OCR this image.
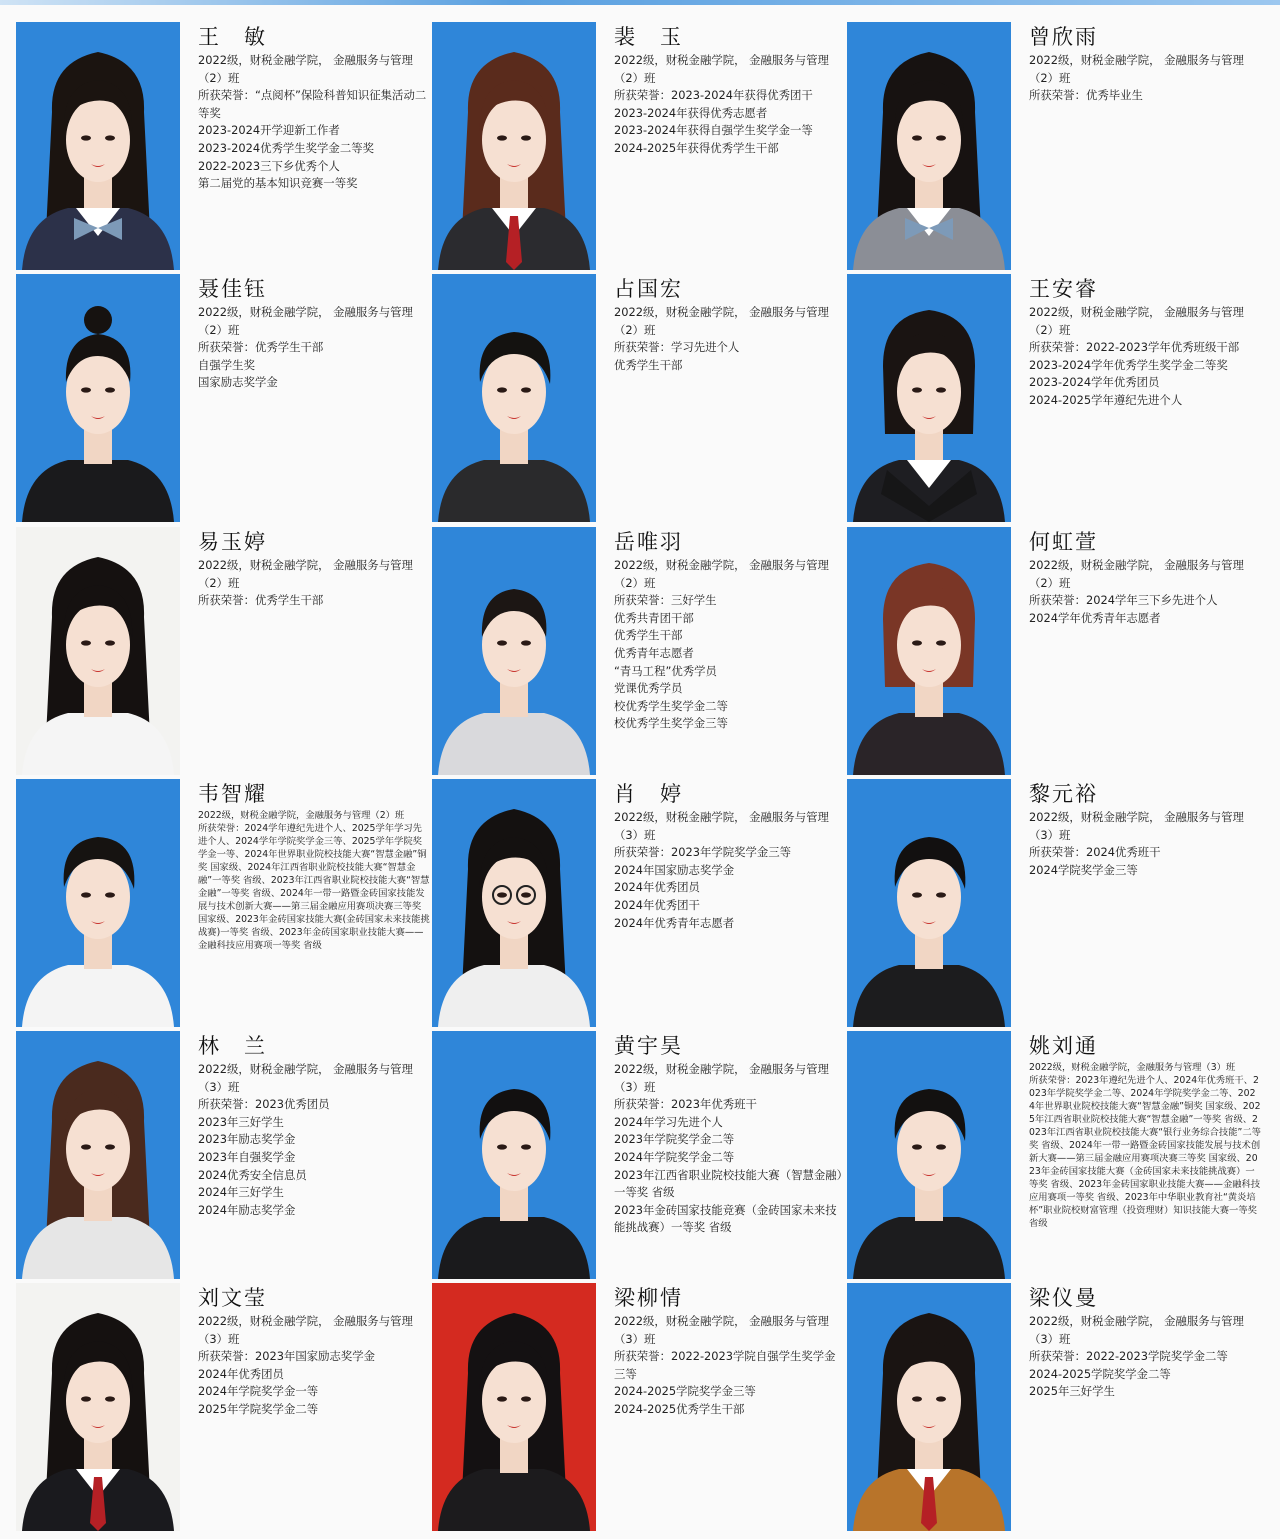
王　敏
2022级，财税金融学院， 金融服务与管理（2）班
所获荣誉：“点阅杯”保险科普知识征集活动二等奖
2023-2024开学迎新工作者
2023-2024优秀学生奖学金二等奖
2022-2023三下乡优秀个人
第二届党的基本知识竞赛一等奖
裴　玉
2022级，财税金融学院， 金融服务与管理（2）班
所获荣誉：2023-2024年获得优秀团干
2023-2024年获得优秀志愿者
2023-2024年获得自强学生奖学金一等
2024-2025年获得优秀学生干部
曾欣雨
2022级，财税金融学院， 金融服务与管理（2）班
所获荣誉：优秀毕业生
聂佳钰
2022级，财税金融学院， 金融服务与管理（2）班
所获荣誉：优秀学生干部
自强学生奖
国家励志奖学金
占国宏
2022级，财税金融学院， 金融服务与管理（2）班
所获荣誉：学习先进个人
优秀学生干部
王安睿
2022级，财税金融学院， 金融服务与管理（2）班
所获荣誉：2022-2023学年优秀班级干部
2023-2024学年优秀学生奖学金二等奖
2023-2024学年优秀团员
2024-2025学年遵纪先进个人
易玉婷
2022级，财税金融学院， 金融服务与管理（2）班
所获荣誉：优秀学生干部
岳唯羽
2022级，财税金融学院， 金融服务与管理（2）班
所获荣誉：三好学生
优秀共青团干部
优秀学生干部
优秀青年志愿者
“青马工程”优秀学员
党课优秀学员
校优秀学生奖学金二等
校优秀学生奖学金三等
何虹萱
2022级，财税金融学院， 金融服务与管理（2）班
所获荣誉：2024学年三下乡先进个人
2024学年优秀青年志愿者
韦智耀
2022级，财税金融学院，金融服务与管理（2）班
所获荣誉：2024学年遵纪先进个人、2025学年学习先进个人、2024学年学院奖学金三等、2025学年学院奖学金一等、2024年世界职业院校技能大赛“智慧金融”铜奖 国家级、2024年江西省职业院校技能大赛“智慧金融”一等奖 省级、2023年江西省职业院校技能大赛“智慧金融”一等奖 省级、2024年一带一路暨金砖国家技能发展与技术创新大赛——第三届金融应用赛项决赛三等奖国家级、2023年金砖国家技能大赛(金砖国家未来技能挑战赛)一等奖 省级、2023年金砖国家职业技能大赛——金融科技应用赛项一等奖 省级
肖　婷
2022级，财税金融学院， 金融服务与管理（3）班
所获荣誉：2023年学院奖学金三等
2024年国家励志奖学金
2024年优秀团员
2024年优秀团干
2024年优秀青年志愿者
黎元裕
2022级，财税金融学院， 金融服务与管理（3）班
所获荣誉：2024优秀班干
2024学院奖学金三等
林　兰
2022级，财税金融学院， 金融服务与管理（3）班
所获荣誉：2023优秀团员
2023年三好学生
2023年励志奖学金
2023年自强奖学金
2024优秀安全信息员
2024年三好学生
2024年励志奖学金
黄宇昊
2022级，财税金融学院， 金融服务与管理（3）班
所获荣誉：2023年优秀班干
2024年学习先进个人
2023年学院奖学金二等
2024年学院奖学金二等
2023年江西省职业院校技能大赛（智慧金融）一等奖 省级
2023年金砖国家技能竞赛（金砖国家未来技能挑战赛）一等奖 省级
姚刘通
2022级，财税金融学院，金融服务与管理（3）班
所获荣誉：2023年遵纪先进个人、2024年优秀班干、2023年学院奖学金二等、2024年学院奖学金二等、2024年世界职业院校技能大赛“智慧金融”铜奖 国家级、2025年江西省职业院校技能大赛“智慧金融”一等奖 省级、2023年江西省职业院校技能大赛“银行业务综合技能”二等奖 省级、2024年一带一路暨金砖国家技能发展与技术创新大赛——第三届金融应用赛项决赛三等奖 国家级、2023年金砖国家技能大赛（金砖国家未来技能挑战赛）一等奖 省级、2023年金砖国家职业技能大赛——金融科技应用赛项一等奖 省级、2023年中华职业教育社“黄炎培杯”职业院校财富管理（投资理财）知识技能大赛一等奖 省级
刘文莹
2022级，财税金融学院， 金融服务与管理（3）班
所获荣誉：2023年国家励志奖学金
2024年优秀团员
2024年学院奖学金一等
2025年学院奖学金二等
梁柳情
2022级，财税金融学院， 金融服务与管理（3）班
所获荣誉：2022-2023学院自强学生奖学金三等
2024-2025学院奖学金三等
2024-2025优秀学生干部
梁仪曼
2022级，财税金融学院， 金融服务与管理（3）班
所获荣誉：2022-2023学院奖学金二等
2024-2025学院奖学金二等
2025年三好学生
